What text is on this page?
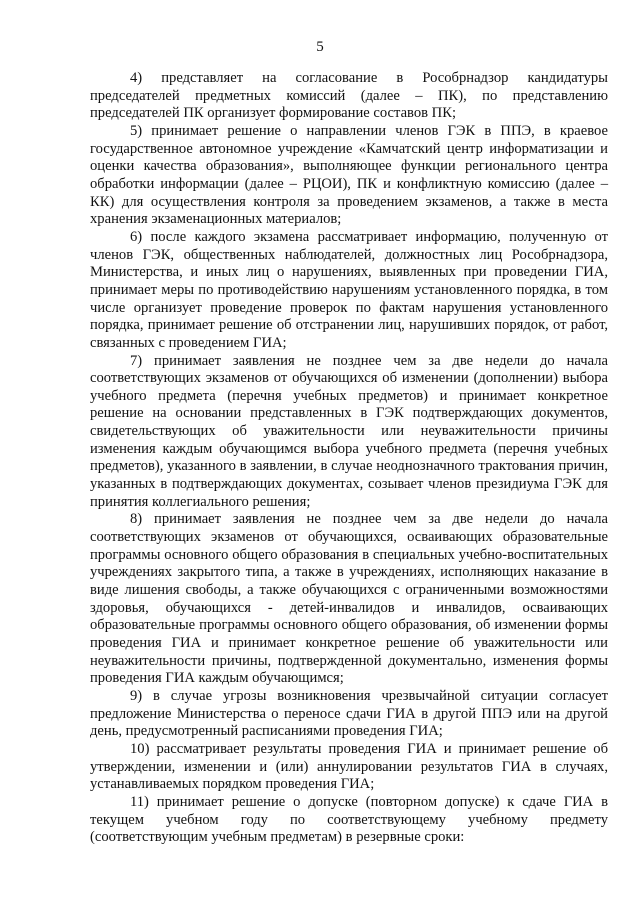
5

4) представляет на согласование в Рособрнадзор кандидатуры председателей предметных комиссий (далее – ПК), по представлению председателей ПК организует формирование составов ПК;

5) принимает решение о направлении членов ГЭК в ППЭ, в краевое государственное автономное учреждение «Камчатский центр информатизации и оценки качества образования», выполняющее функции регионального центра обработки информации (далее – РЦОИ), ПК и конфликтную комиссию (далее – КК) для осуществления контроля за проведением экзаменов, а также в места хранения экзаменационных материалов;

6) после каждого экзамена рассматривает информацию, полученную от членов ГЭК, общественных наблюдателей, должностных лиц Рособрнадзора, Министерства, и иных лиц о нарушениях, выявленных при проведении ГИА, принимает меры по противодействию нарушениям установленного порядка, в том числе организует проведение проверок по фактам нарушения установленного порядка, принимает решение об отстранении лиц, нарушивших порядок, от работ, связанных с проведением ГИА;

7) принимает заявления не позднее чем за две недели до начала соответствующих экзаменов от обучающихся об изменении (дополнении) выбора учебного предмета (перечня учебных предметов) и принимает конкретное решение на основании представленных в ГЭК подтверждающих документов, свидетельствующих об уважительности или неуважительности причины изменения каждым обучающимся выбора учебного предмета (перечня учебных предметов), указанного в заявлении, в случае неоднозначного трактования причин, указанных в подтверждающих документах, созывает членов президиума ГЭК для принятия коллегиального решения;

8) принимает заявления не позднее чем за две недели до начала соответствующих экзаменов от обучающихся, осваивающих образовательные программы основного общего образования в специальных учебно-воспитательных учреждениях закрытого типа, а также в учреждениях, исполняющих наказание в виде лишения свободы, а также обучающихся с ограниченными возможностями здоровья, обучающихся - детей-инвалидов и инвалидов, осваивающих образовательные программы основного общего образования, об изменении формы проведения ГИА и принимает конкретное решение об уважительности или неуважительности причины, подтвержденной документально, изменения формы проведения ГИА каждым обучающимся;

9) в случае угрозы возникновения чрезвычайной ситуации согласует предложение Министерства о переносе сдачи ГИА в другой ППЭ или на другой день, предусмотренный расписаниями проведения ГИА;

10) рассматривает результаты проведения ГИА и принимает решение об утверждении, изменении и (или) аннулировании результатов ГИА в случаях, устанавливаемых порядком проведения ГИА;

11) принимает решение о допуске (повторном допуске) к сдаче ГИА в текущем учебном году по соответствующему учебному предмету (соответствующим учебным предметам) в резервные сроки:
